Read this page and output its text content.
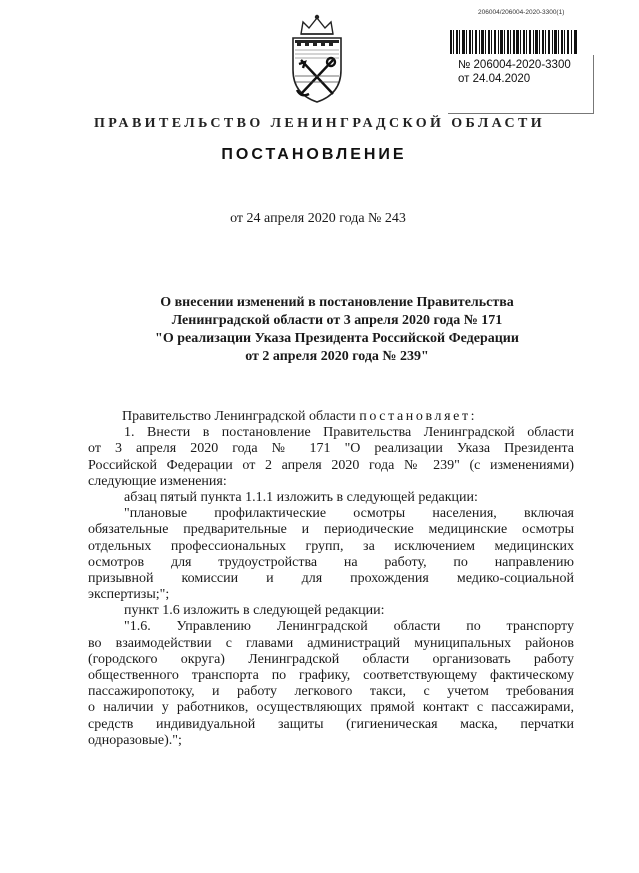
206004/206004-2020-3300(1)
№ 206004-2020-3300
от 24.04.2020
ПРАВИТЕЛЬСТВО ЛЕНИНГРАДСКОЙ ОБЛАСТИ
ПОСТАНОВЛЕНИЕ
от 24 апреля 2020 года № 243
О внесении изменений в постановление Правительства
Ленинградской области от 3 апреля 2020 года № 171
"О реализации Указа Президента Российской Федерации
от 2 апреля 2020 года № 239"
Правительство Ленинградской области постановляет:
1. Внести в постановление Правительства Ленинградской области
от 3 апреля 2020 года № 171 "О реализации Указа Президента
Российской Федерации от 2 апреля 2020 года № 239" (с изменениями)
следующие изменения:
абзац пятый пункта 1.1.1 изложить в следующей редакции:
"плановые профилактические осмотры населения, включая
обязательные предварительные и периодические медицинские осмотры
отдельных профессиональных групп, за исключением медицинских
осмотров для трудоустройства на работу, по направлению
призывной комиссии и для прохождения медико-социальной
экспертизы;";
пункт 1.6 изложить в следующей редакции:
"1.6. Управлению Ленинградской области по транспорту
во взаимодействии с главами администраций муниципальных районов
(городского округа) Ленинградской области организовать работу
общественного транспорта по графику, соответствующему фактическому
пассажиропотоку, и работу легкового такси, с учетом требования
о наличии у работников, осуществляющих прямой контакт с пассажирами,
средств индивидуальной защиты (гигиеническая маска, перчатки
одноразовые).";
